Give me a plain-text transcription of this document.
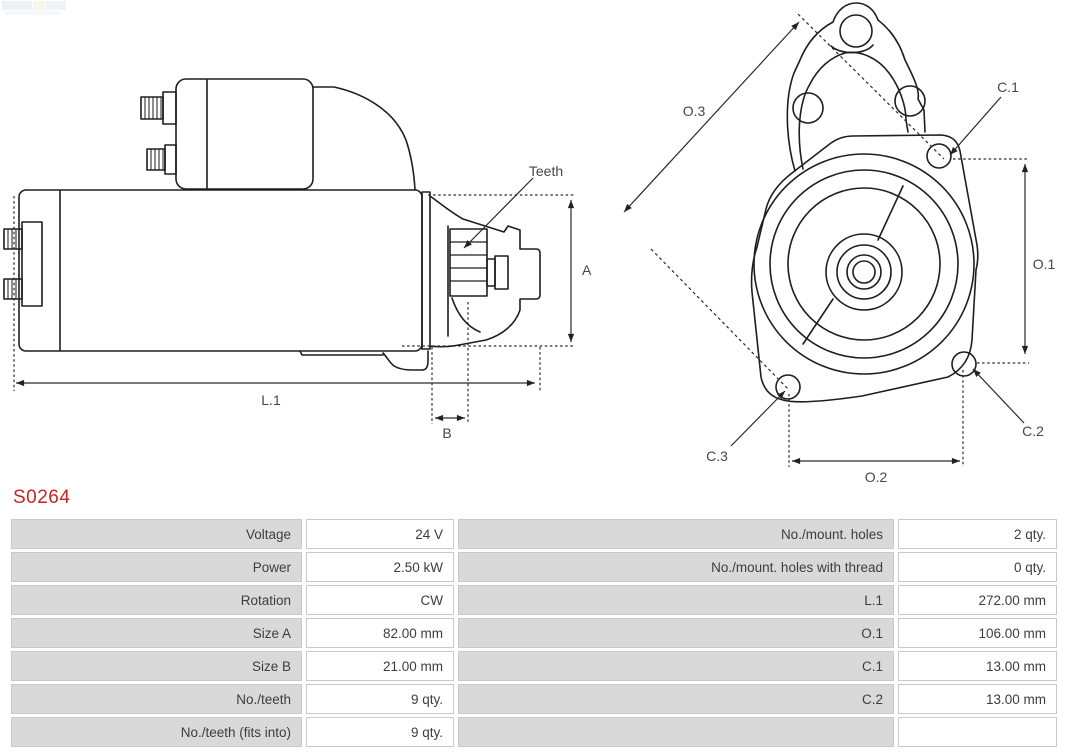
Teeth
A
L.1
B
O.3
C.1
O.1
C.3
O.2
C.2
S0264
Voltage	24 V	No./mount. holes	2 qty.
Power	2.50 kW	No./mount. holes with thread	0 qty.
Rotation	CW	L.1	272.00 mm
Size A	82.00 mm	O.1	106.00 mm
Size B	21.00 mm	C.1	13.00 mm
No./teeth	9 qty.	C.2	13.00 mm
No./teeth (fits into)	9 qty.		
